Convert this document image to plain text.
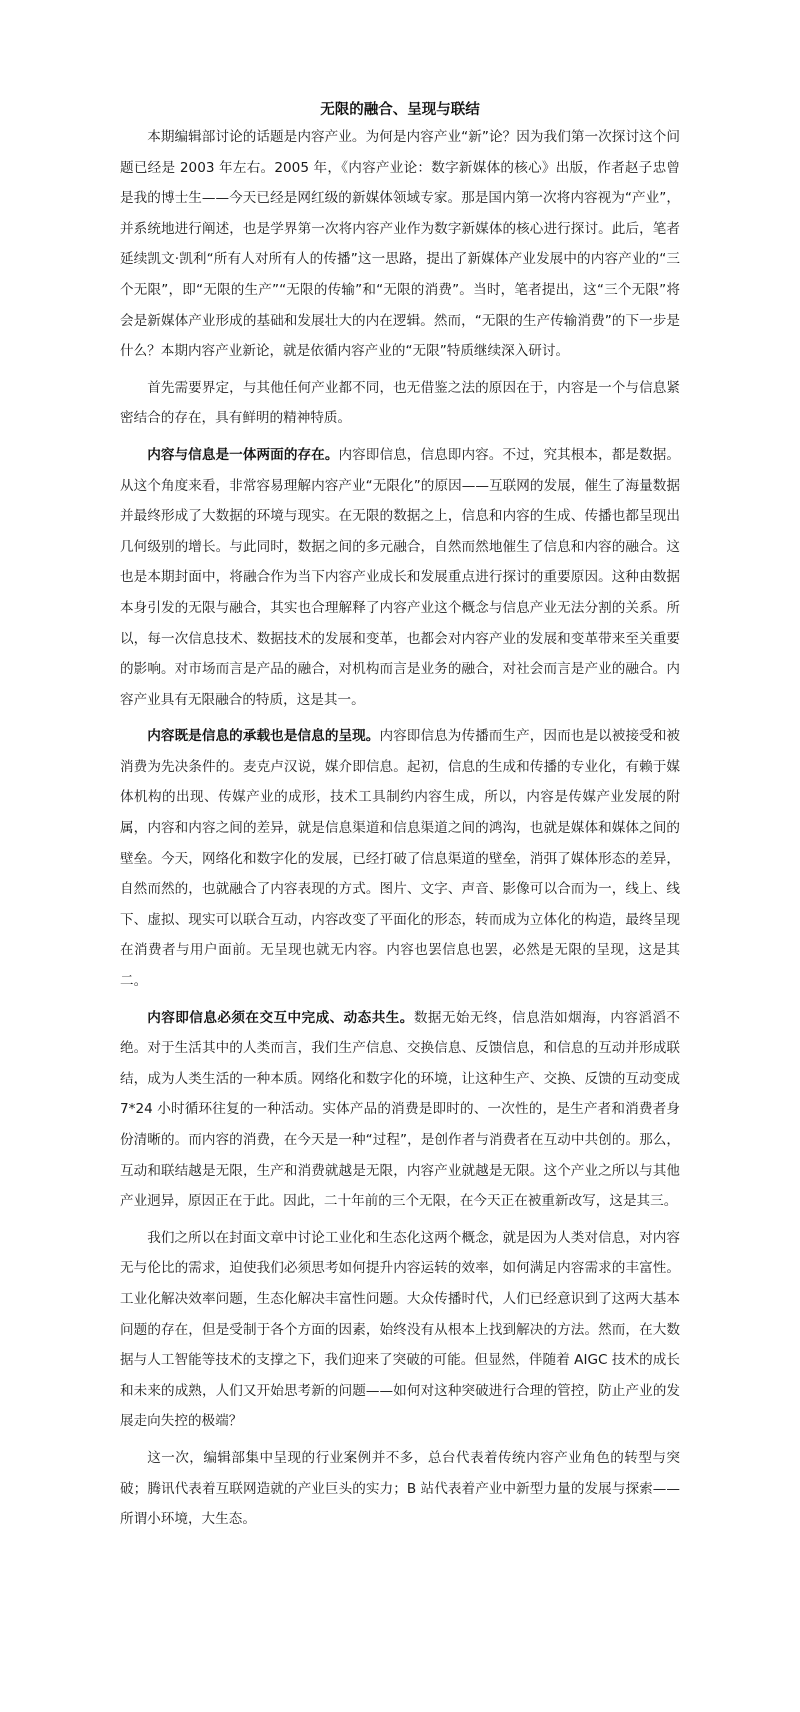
无限的融合、呈现与联结

本期编辑部讨论的话题是内容产业。为何是内容产业“新”论？因为我们第一次探讨这个问题已经是 2003 年左右。2005 年，《内容产业论：数字新媒体的核心》出版，作者赵子忠曾是我的博士生——今天已经是网红级的新媒体领域专家。那是国内第一次将内容视为“产业”，并系统地进行阐述，也是学界第一次将内容产业作为数字新媒体的核心进行探讨。此后，笔者延续凯文·凯利“所有人对所有人的传播”这一思路，提出了新媒体产业发展中的内容产业的“三个无限”，即“无限的生产”“无限的传输”和“无限的消费”。当时，笔者提出，这“三个无限”将会是新媒体产业形成的基础和发展壮大的内在逻辑。然而，“无限的生产传输消费”的下一步是什么？本期内容产业新论，就是依循内容产业的“无限”特质继续深入研讨。

首先需要界定，与其他任何产业都不同，也无借鉴之法的原因在于，内容是一个与信息紧密结合的存在，具有鲜明的精神特质。

内容与信息是一体两面的存在。内容即信息，信息即内容。不过，究其根本，都是数据。从这个角度来看，非常容易理解内容产业“无限化”的原因——互联网的发展，催生了海量数据并最终形成了大数据的环境与现实。在无限的数据之上，信息和内容的生成、传播也都呈现出几何级别的增长。与此同时，数据之间的多元融合，自然而然地催生了信息和内容的融合。这也是本期封面中，将融合作为当下内容产业成长和发展重点进行探讨的重要原因。这种由数据本身引发的无限与融合，其实也合理解释了内容产业这个概念与信息产业无法分割的关系。所以，每一次信息技术、数据技术的发展和变革，也都会对内容产业的发展和变革带来至关重要的影响。对市场而言是产品的融合，对机构而言是业务的融合，对社会而言是产业的融合。内容产业具有无限融合的特质，这是其一。

内容既是信息的承载也是信息的呈现。内容即信息为传播而生产，因而也是以被接受和被消费为先决条件的。麦克卢汉说，媒介即信息。起初，信息的生成和传播的专业化，有赖于媒体机构的出现、传媒产业的成形，技术工具制约内容生成，所以，内容是传媒产业发展的附属，内容和内容之间的差异，就是信息渠道和信息渠道之间的鸿沟，也就是媒体和媒体之间的壁垒。今天，网络化和数字化的发展，已经打破了信息渠道的壁垒，消弭了媒体形态的差异，自然而然的，也就融合了内容表现的方式。图片、文字、声音、影像可以合而为一，线上、线下、虚拟、现实可以联合互动，内容改变了平面化的形态，转而成为立体化的构造，最终呈现在消费者与用户面前。无呈现也就无内容。内容也罢信息也罢，必然是无限的呈现，这是其二。

内容即信息必须在交互中完成、动态共生。数据无始无终，信息浩如烟海，内容滔滔不绝。对于生活其中的人类而言，我们生产信息、交换信息、反馈信息，和信息的互动并形成联结，成为人类生活的一种本质。网络化和数字化的环境，让这种生产、交换、反馈的互动变成 7*24 小时循环往复的一种活动。实体产品的消费是即时的、一次性的，是生产者和消费者身份清晰的。而内容的消费，在今天是一种“过程”，是创作者与消费者在互动中共创的。那么，互动和联结越是无限，生产和消费就越是无限，内容产业就越是无限。这个产业之所以与其他产业迥异，原因正在于此。因此，二十年前的三个无限，在今天正在被重新改写，这是其三。

我们之所以在封面文章中讨论工业化和生态化这两个概念，就是因为人类对信息，对内容无与伦比的需求，迫使我们必须思考如何提升内容运转的效率，如何满足内容需求的丰富性。工业化解决效率问题，生态化解决丰富性问题。大众传播时代，人们已经意识到了这两大基本问题的存在，但是受制于各个方面的因素，始终没有从根本上找到解决的方法。然而，在大数据与人工智能等技术的支撑之下，我们迎来了突破的可能。但显然，伴随着 AIGC 技术的成长和未来的成熟，人们又开始思考新的问题——如何对这种突破进行合理的管控，防止产业的发展走向失控的极端？

这一次，编辑部集中呈现的行业案例并不多，总台代表着传统内容产业角色的转型与突破；腾讯代表着互联网造就的产业巨头的实力；B 站代表着产业中新型力量的发展与探索——所谓小环境，大生态。
